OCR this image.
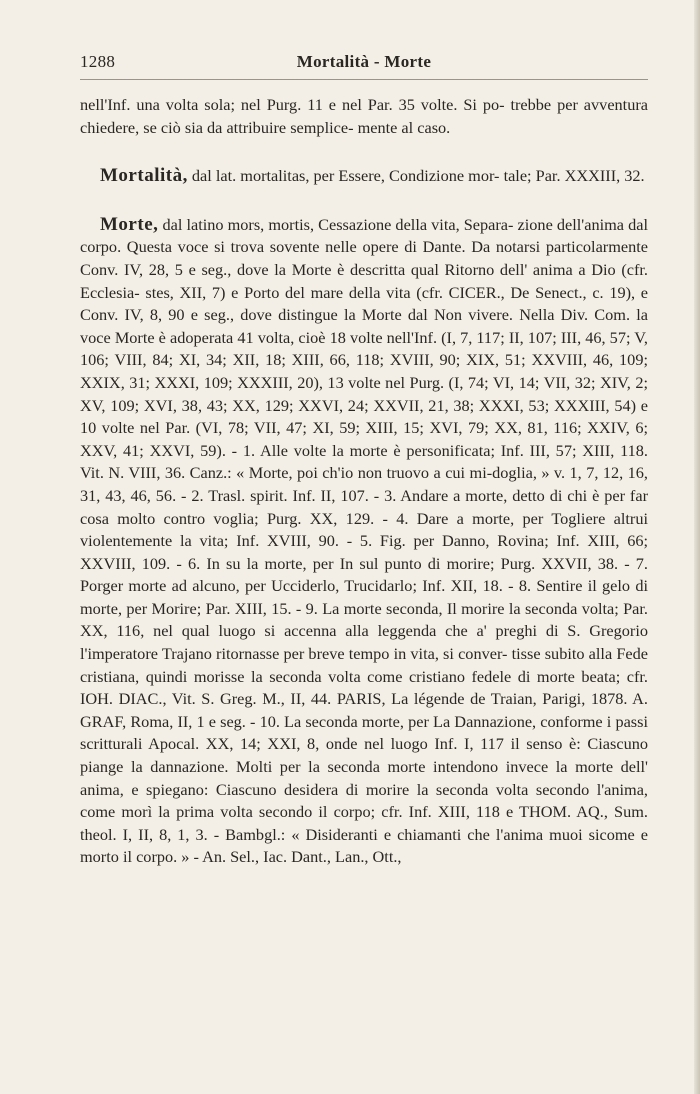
1288	Mortalità - Morte

nell'Inf. una volta sola; nel Purg. 11 e nel Par. 35 volte. Si po- trebbe per avventura chiedere, se ciò sia da attribuire semplice- mente al caso.

Mortalità, dal lat. mortalitas, per Essere, Condizione mor- tale; Par. XXXIII, 32.

Morte, dal latino mors, mortis, Cessazione della vita, Separa- zione dell'anima dal corpo. Questa voce si trova sovente nelle opere di Dante. Da notarsi particolarmente Conv. IV, 28, 5 e seg., dove la Morte è descritta qual Ritorno dell' anima a Dio (cfr. Ecclesia- stes, XII, 7) e Porto del mare della vita (cfr. CICER., De Senect., c. 19), e Conv. IV, 8, 90 e seg., dove distingue la Morte dal Non vivere. Nella Div. Com. la voce Morte è adoperata 41 volta, cioè 18 volte nell'Inf. (I, 7, 117; II, 107; III, 46, 57; V, 106; VIII, 84; XI, 34; XII, 18; XIII, 66, 118; XVIII, 90; XIX, 51; XXVIII, 46, 109; XXIX, 31; XXXI, 109; XXXIII, 20), 13 volte nel Purg. (I, 74; VI, 14; VII, 32; XIV, 2; XV, 109; XVI, 38, 43; XX, 129; XXVI, 24; XXVII, 21, 38; XXXI, 53; XXXIII, 54) e 10 volte nel Par. (VI, 78; VII, 47; XI, 59; XIII, 15; XVI, 79; XX, 81, 116; XXIV, 6; XXV, 41; XXVI, 59). - 1. Alle volte la morte è personificata; Inf. III, 57; XIII, 118. Vit. N. VIII, 36. Canz.: « Morte, poi ch'io non truovo a cui mi-doglia, » v. 1, 7, 12, 16, 31, 43, 46, 56. - 2. Trasl. spirit. Inf. II, 107. - 3. Andare a morte, detto di chi è per far cosa molto contro voglia; Purg. XX, 129. - 4. Dare a morte, per Togliere altrui violentemente la vita; Inf. XVIII, 90. - 5. Fig. per Danno, Rovina; Inf. XIII, 66; XXVIII, 109. - 6. In su la morte, per In sul punto di morire; Purg. XXVII, 38. - 7. Porger morte ad alcuno, per Ucciderlo, Trucidarlo; Inf. XII, 18. - 8. Sentire il gelo di morte, per Morire; Par. XIII, 15. - 9. La morte seconda, Il morire la seconda volta; Par. XX, 116, nel qual luogo si accenna alla leggenda che a' preghi di S. Gregorio l'imperatore Trajano ritornasse per breve tempo in vita, si conver- tisse subito alla Fede cristiana, quindi morisse la seconda volta come cristiano fedele di morte beata; cfr. IOH. DIAC., Vit. S. Greg. M., II, 44. PARIS, La légende de Traian, Parigi, 1878. A. GRAF, Roma, II, 1 e seg. - 10. La seconda morte, per La Dannazione, conforme i passi scritturali Apocal. XX, 14; XXI, 8, onde nel luogo Inf. I, 117 il senso è: Ciascuno piange la dannazione. Molti per la seconda morte intendono invece la morte dell' anima, e spiegano: Ciascuno desidera di morire la seconda volta secondo l'anima, come morì la prima volta secondo il corpo; cfr. Inf. XIII, 118 e THOM. AQ., Sum. theol. I, II, 8, 1, 3. - Bambgl.: « Disideranti e chiamanti che l'anima muoi sicome e morto il corpo. » - An. Sel., Iac. Dant., Lan., Ott.,
